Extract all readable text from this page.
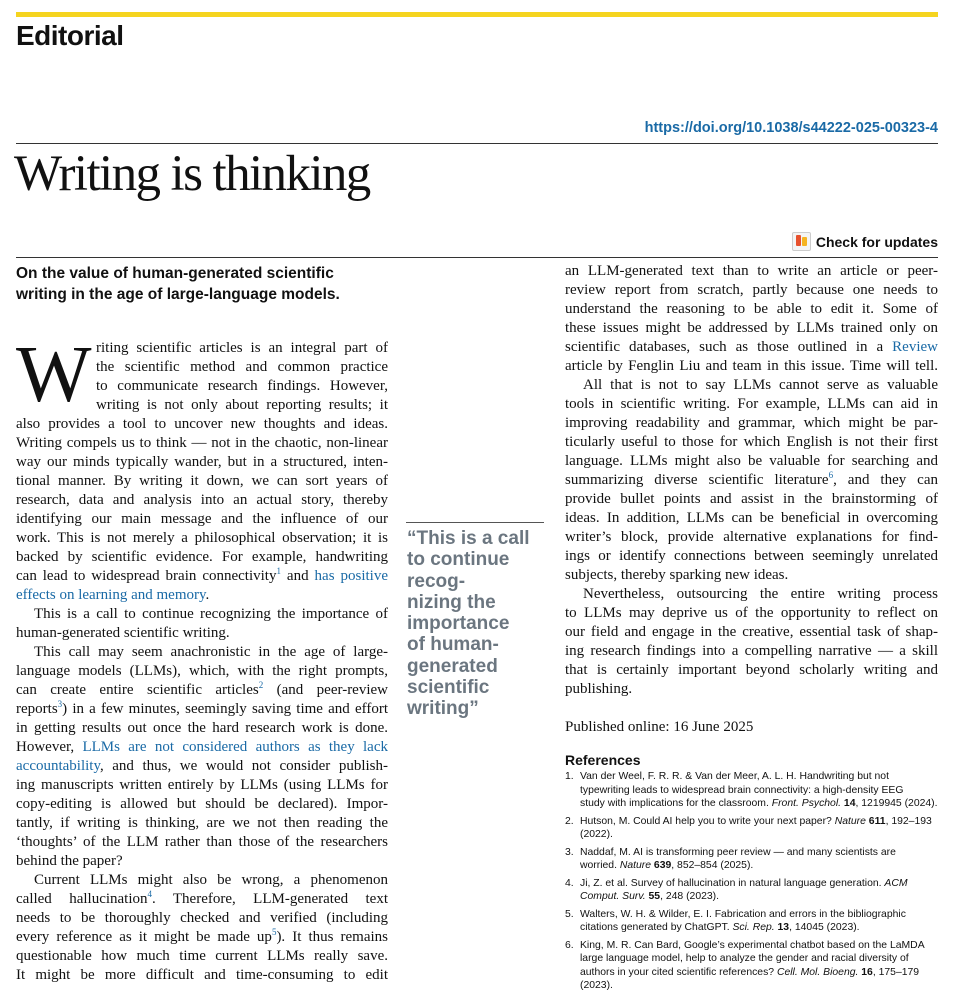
Editorial
https://doi.org/10.1038/s44222-025-00323-4
Writing is thinking
Check for updates
On the value of human-generated scientific
writing in the age of large-language models.
W riting scientific articles is an integral part of
the scientific method and common practice
to communicate research findings. However,
writing is not only about reporting results; it
also provides a tool to uncover new thoughts and ideas.
Writing compels us to think — not in the chaotic, non-linear
way our minds typically wander, but in a structured, inten-
tional manner. By writing it down, we can sort years of
research, data and analysis into an actual story, thereby
identifying our main message and the influence of our
work. This is not merely a philosophical observation; it is
backed by scientific evidence. For example, handwriting
can lead to widespread brain connectivity$^1$ and has positive
effects on learning and memory.
This is a call to continue recognizing the importance of
human-generated scientific writing.
This call may seem anachronistic in the age of large-
language models (LLMs), which, with the right prompts,
can create entire scientific articles$^2$ (and peer-review
reports$^3$) in a few minutes, seemingly saving time and effort
in getting results out once the hard research work is done.
However, LLMs are not considered authors as they lack
accountability, and thus, we would not consider publish-
ing manuscripts written entirely by LLMs (using LLMs for
copy-editing is allowed but should be declared). Impor-
tantly, if writing is thinking, are we not then reading the
‘thoughts’ of the LLM rather than those of the researchers
behind the paper?
Current LLMs might also be wrong, a phenomenon
called hallucination$^4$. Therefore, LLM-generated text
needs to be thoroughly checked and verified (including
every reference as it might be made $up^5$). It thus remains
questionable how much time current LLMs really save.
It might be more difficult and time-consuming to edit
“This is a call
to continue
recog-
nizing the
importance
of human-
generated
scientific
writing”
an LLM-generated text than to write an article or peer-
review report from scratch, partly because one needs to
understand the reasoning to be able to edit it. Some of
these issues might be addressed by LLMs trained only on
scientific databases, such as those outlined in a Review
article by Fenglin Liu and team in this issue. Time will tell.
All that is not to say LLMs cannot serve as valuable
tools in scientific writing. For example, LLMs can aid in
improving readability and grammar, which might be par-
ticularly useful to those for which English is not their first
language. LLMs might also be valuable for searching and
summarizing diverse scientific literature$^6$, and they can
provide bullet points and assist in the brainstorming of
ideas. In addition, LLMs can be beneficial in overcoming
writer’s block, provide alternative explanations for find-
ings or identify connections between seemingly unrelated
subjects, thereby sparking new ideas.
Nevertheless, outsourcing the entire writing process
to LLMs may deprive us of the opportunity to reflect on
our field and engage in the creative, essential task of shap-
ing research findings into a compelling narrative — a skill
that is certainly important beyond scholarly writing and
publishing.
Published online: 16 June 2025
References
1. Van der Weel, F. R. R. & Van der Meer, A. L. H. Handwriting but not
typewriting leads to widespread brain connectivity: a high-density EEG
study with implications for the classroom. Front. Psychol. 14, 1219945 (2024).
2. Hutson, M. Could AI help you to write your next paper? Nature 611, 192–193
(2022).
3. Naddaf, M. AI is transforming peer review — and many scientists are
worried. Nature 639, 852–854 (2025).
4. Ji, Z. et al. Survey of hallucination in natural language generation. ACM
Comput. Surv. 55, 248 (2023).
5. Walters, W. H. & Wilder, E. I. Fabrication and errors in the bibliographic
citations generated by ChatGPT. Sci. Rep. 13, 14045 (2023).
6. King, M. R. Can Bard, Google’s experimental chatbot based on the LaMDA
large language model, help to analyze the gender and racial diversity of
authors in your cited scientific references? Cell. Mol. Bioeng. 16, 175–179
(2023).
